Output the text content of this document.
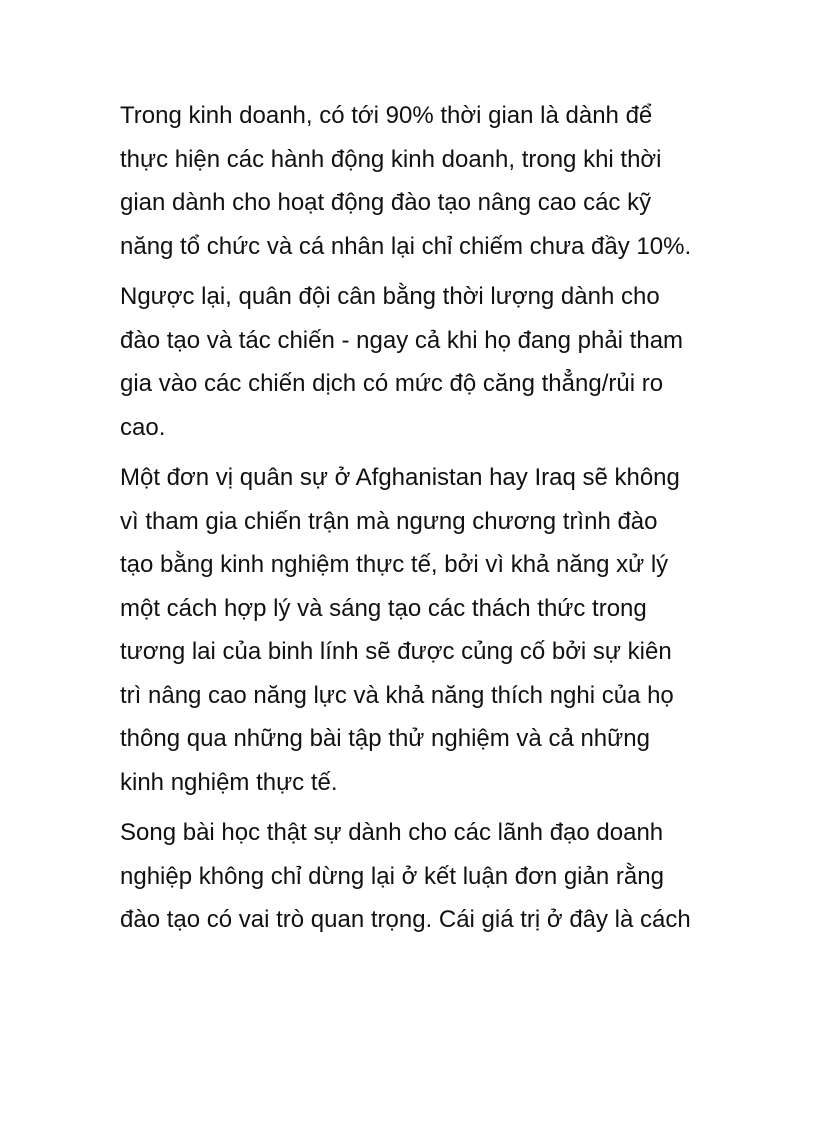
Trong kinh doanh, có tới 90% thời gian là dành để
thực hiện các hành động kinh doanh, trong khi thời
gian dành cho hoạt động đào tạo nâng cao các kỹ
năng tổ chức và cá nhân lại chỉ chiếm chưa đầy 10%.

Ngược lại, quân đội cân bằng thời lượng dành cho
đào tạo và tác chiến - ngay cả khi họ đang phải tham
gia vào các chiến dịch có mức độ căng thẳng/rủi ro
cao.

Một đơn vị quân sự ở Afghanistan hay Iraq sẽ không
vì tham gia chiến trận mà ngưng chương trình đào
tạo bằng kinh nghiệm thực tế, bởi vì khả năng xử lý
một cách hợp lý và sáng tạo các thách thức trong
tương lai của binh lính sẽ được củng cố bởi sự kiên
trì nâng cao năng lực và khả năng thích nghi của họ
thông qua những bài tập thử nghiệm và cả những
kinh nghiệm thực tế.

Song bài học thật sự dành cho các lãnh đạo doanh
nghiệp không chỉ dừng lại ở kết luận đơn giản rằng
đào tạo có vai trò quan trọng. Cái giá trị ở đây là cách
